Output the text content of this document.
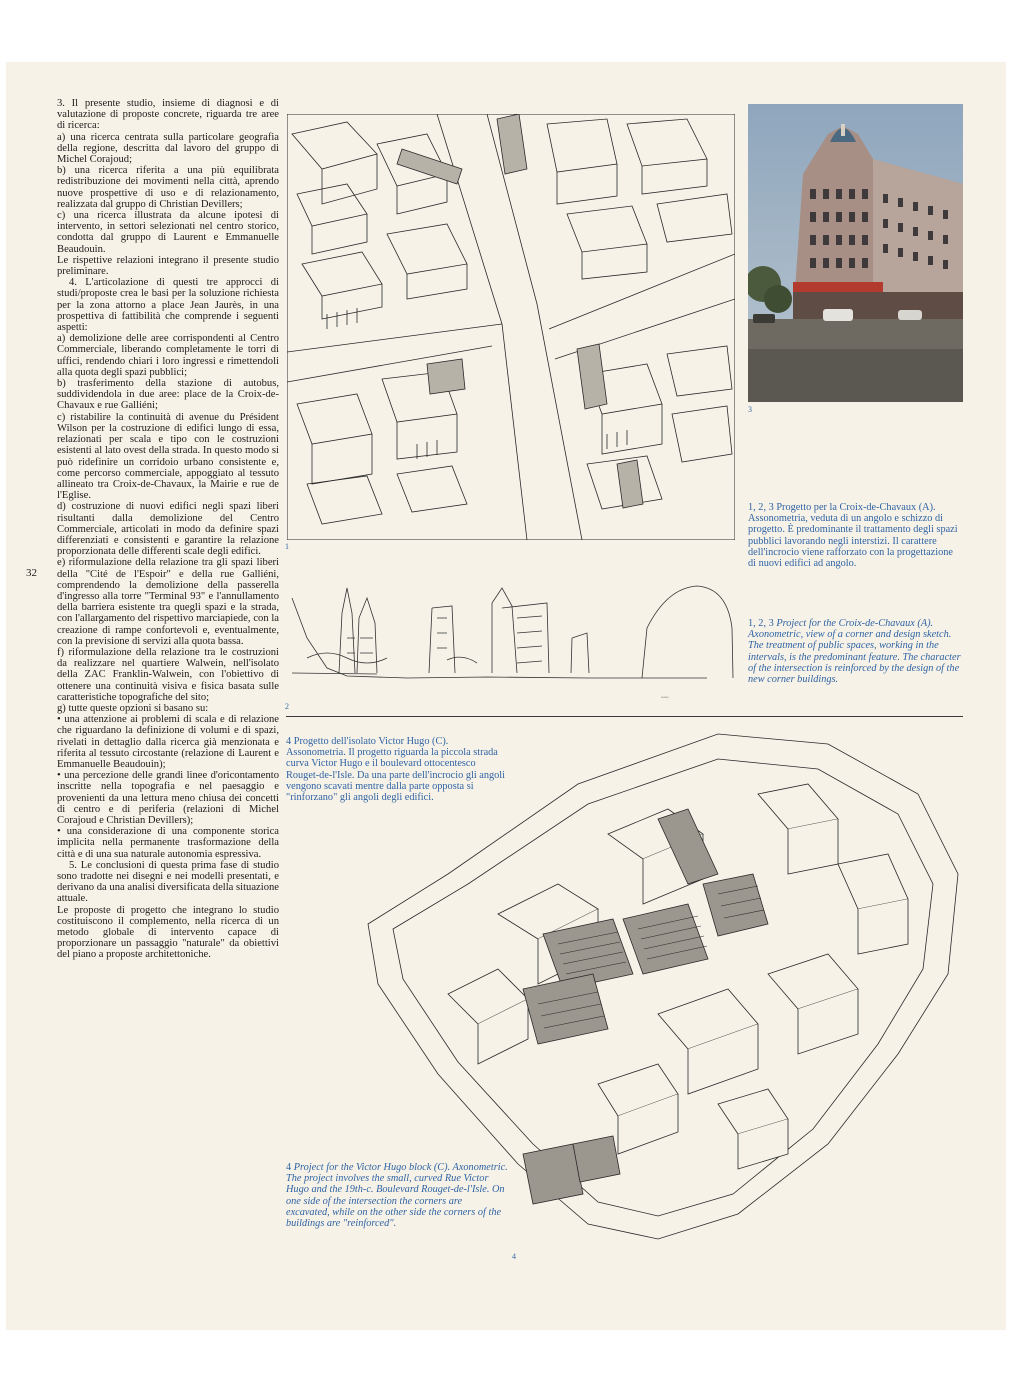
3. Il presente studio, insieme di diagnosi e di valutazione di proposte concrete, riguarda tre aree di ricerca:

a) una ricerca centrata sulla particolare geografia della regione, descritta dal lavoro del gruppo di Michel Corajoud;

b) una ricerca riferita a una più equilibrata redistribuzione dei movimenti nella città, aprendo nuove prospettive di uso e di relazionamento, realizzata dal gruppo di Christian Devillers;

c) una ricerca illustrata da alcune ipotesi di intervento, in settori selezionati nel centro storico, condotta dal gruppo di Laurent e Emmanuelle Beaudouin.

Le rispettive relazioni integrano il presente studio preliminare.

4. L'articolazione di questi tre approcci di studi/proposte crea le basi per la soluzione richiesta per la zona attorno a place Jean Jaurès, in una prospettiva di fattibilità che comprende i seguenti aspetti:

a) demolizione delle aree corrispondenti al Centro Commerciale, liberando completamente le torri di uffici, rendendo chiari i loro ingressi e rimettendoli alla quota degli spazi pubblici;

b) trasferimento della stazione di autobus, suddividendola in due aree: place de la Croix-de-Chavaux e rue Galliéni;

c) ristabilire la continuità di avenue du Président Wilson per la costruzione di edifici lungo di essa, relazionati per scala e tipo con le costruzioni esistenti al lato ovest della strada. In questo modo si può ridefinire un corridoio urbano consistente e, come percorso commerciale, appoggiato al tessuto allineato tra Croix-de-Chavaux, la Mairie e rue de l'Eglise.

d) costruzione di nuovi edifici negli spazi liberi risultanti dalla demolizione del Centro Commerciale, articolati in modo da definire spazi differenziati e consistenti e garantire la relazione proporzionata delle differenti scale degli edifici.

e) riformulazione della relazione tra gli spazi liberi della "Cité de l'Espoir" e della rue Galliéni, comprendendo la demolizione della passerella d'ingresso alla torre "Terminal 93" e l'annullamento della barriera esistente tra quegli spazi e la strada, con l'allargamento del rispettivo marciapiede, con la creazione di rampe confortevoli e, eventualmente, con la previsione di servizi alla quota bassa.

f) riformulazione della relazione tra le costruzioni da realizzare nel quartiere Walwein, nell'isolato della ZAC Franklin-Walwein, con l'obiettivo di ottenere una continuità visiva e fisica basata sulle caratteristiche topografiche del sito;

g) tutte queste opzioni si basano su:

• una attenzione ai problemi di scala e di relazione che riguardano la definizione di volumi e di spazi, rivelati in dettaglio dalla ricerca già menzionata e riferita al tessuto circostante (relazione di Laurent e Emmanuelle Beaudouin);

• una percezione delle grandi linee d'oricontamento inscritte nella topografia e nel paesaggio e provenienti da una lettura meno chiusa dei concetti di centro e di periferia (relazioni di Michel Corajoud e Christian Devillers);

• una considerazione di una componente storica implicita nella permanente trasformazione della città e di una sua naturale autonomia espressiva.

5. Le conclusioni di questa prima fase di studio sono tradotte nei disegni e nei modelli presentati, e derivano da una analisi diversificata della situazione attuale.

Le proposte di progetto che integrano lo studio costituiscono il complemento, nella ricerca di un metodo globale di intervento capace di proporzionare un passaggio "naturale" da obiettivi del piano a proposte architettoniche.

32
1
2
~~
3

1, 2, 3 Progetto per la Croix-de-Chavaux (A). Assonometria, veduta di un angolo e schizzo di progetto. È predominante il trattamento degli spazi pubblici lavorando negli interstizi. Il carattere dell'incrocio viene rafforzato con la progettazione di nuovi edifici ad angolo.

1, 2, 3 Project for the Croix-de-Chavaux (A). Axonometric, view of a corner and design sketch. The treatment of public spaces, working in the intervals, is the predominant feature. The character of the intersection is reinforced by the design of the new corner buildings.

4 Progetto dell'isolato Victor Hugo (C). Assonometria. Il progetto riguarda la piccola strada curva Victor Hugo e il boulevard ottocentesco Rouget-de-l'Isle. Da una parte dell'incrocio gli angoli vengono scavati mentre dalla parte opposta si "rinforzano" gli angoli degli edifici.

4

4 Project for the Victor Hugo block (C). Axonometric. The project involves the small, curved Rue Victor Hugo and the 19th-c. Boulevard Rouget-de-l'Isle. On one side of the intersection the corners are excavated, while on the other side the corners of the buildings are "reinforced".
